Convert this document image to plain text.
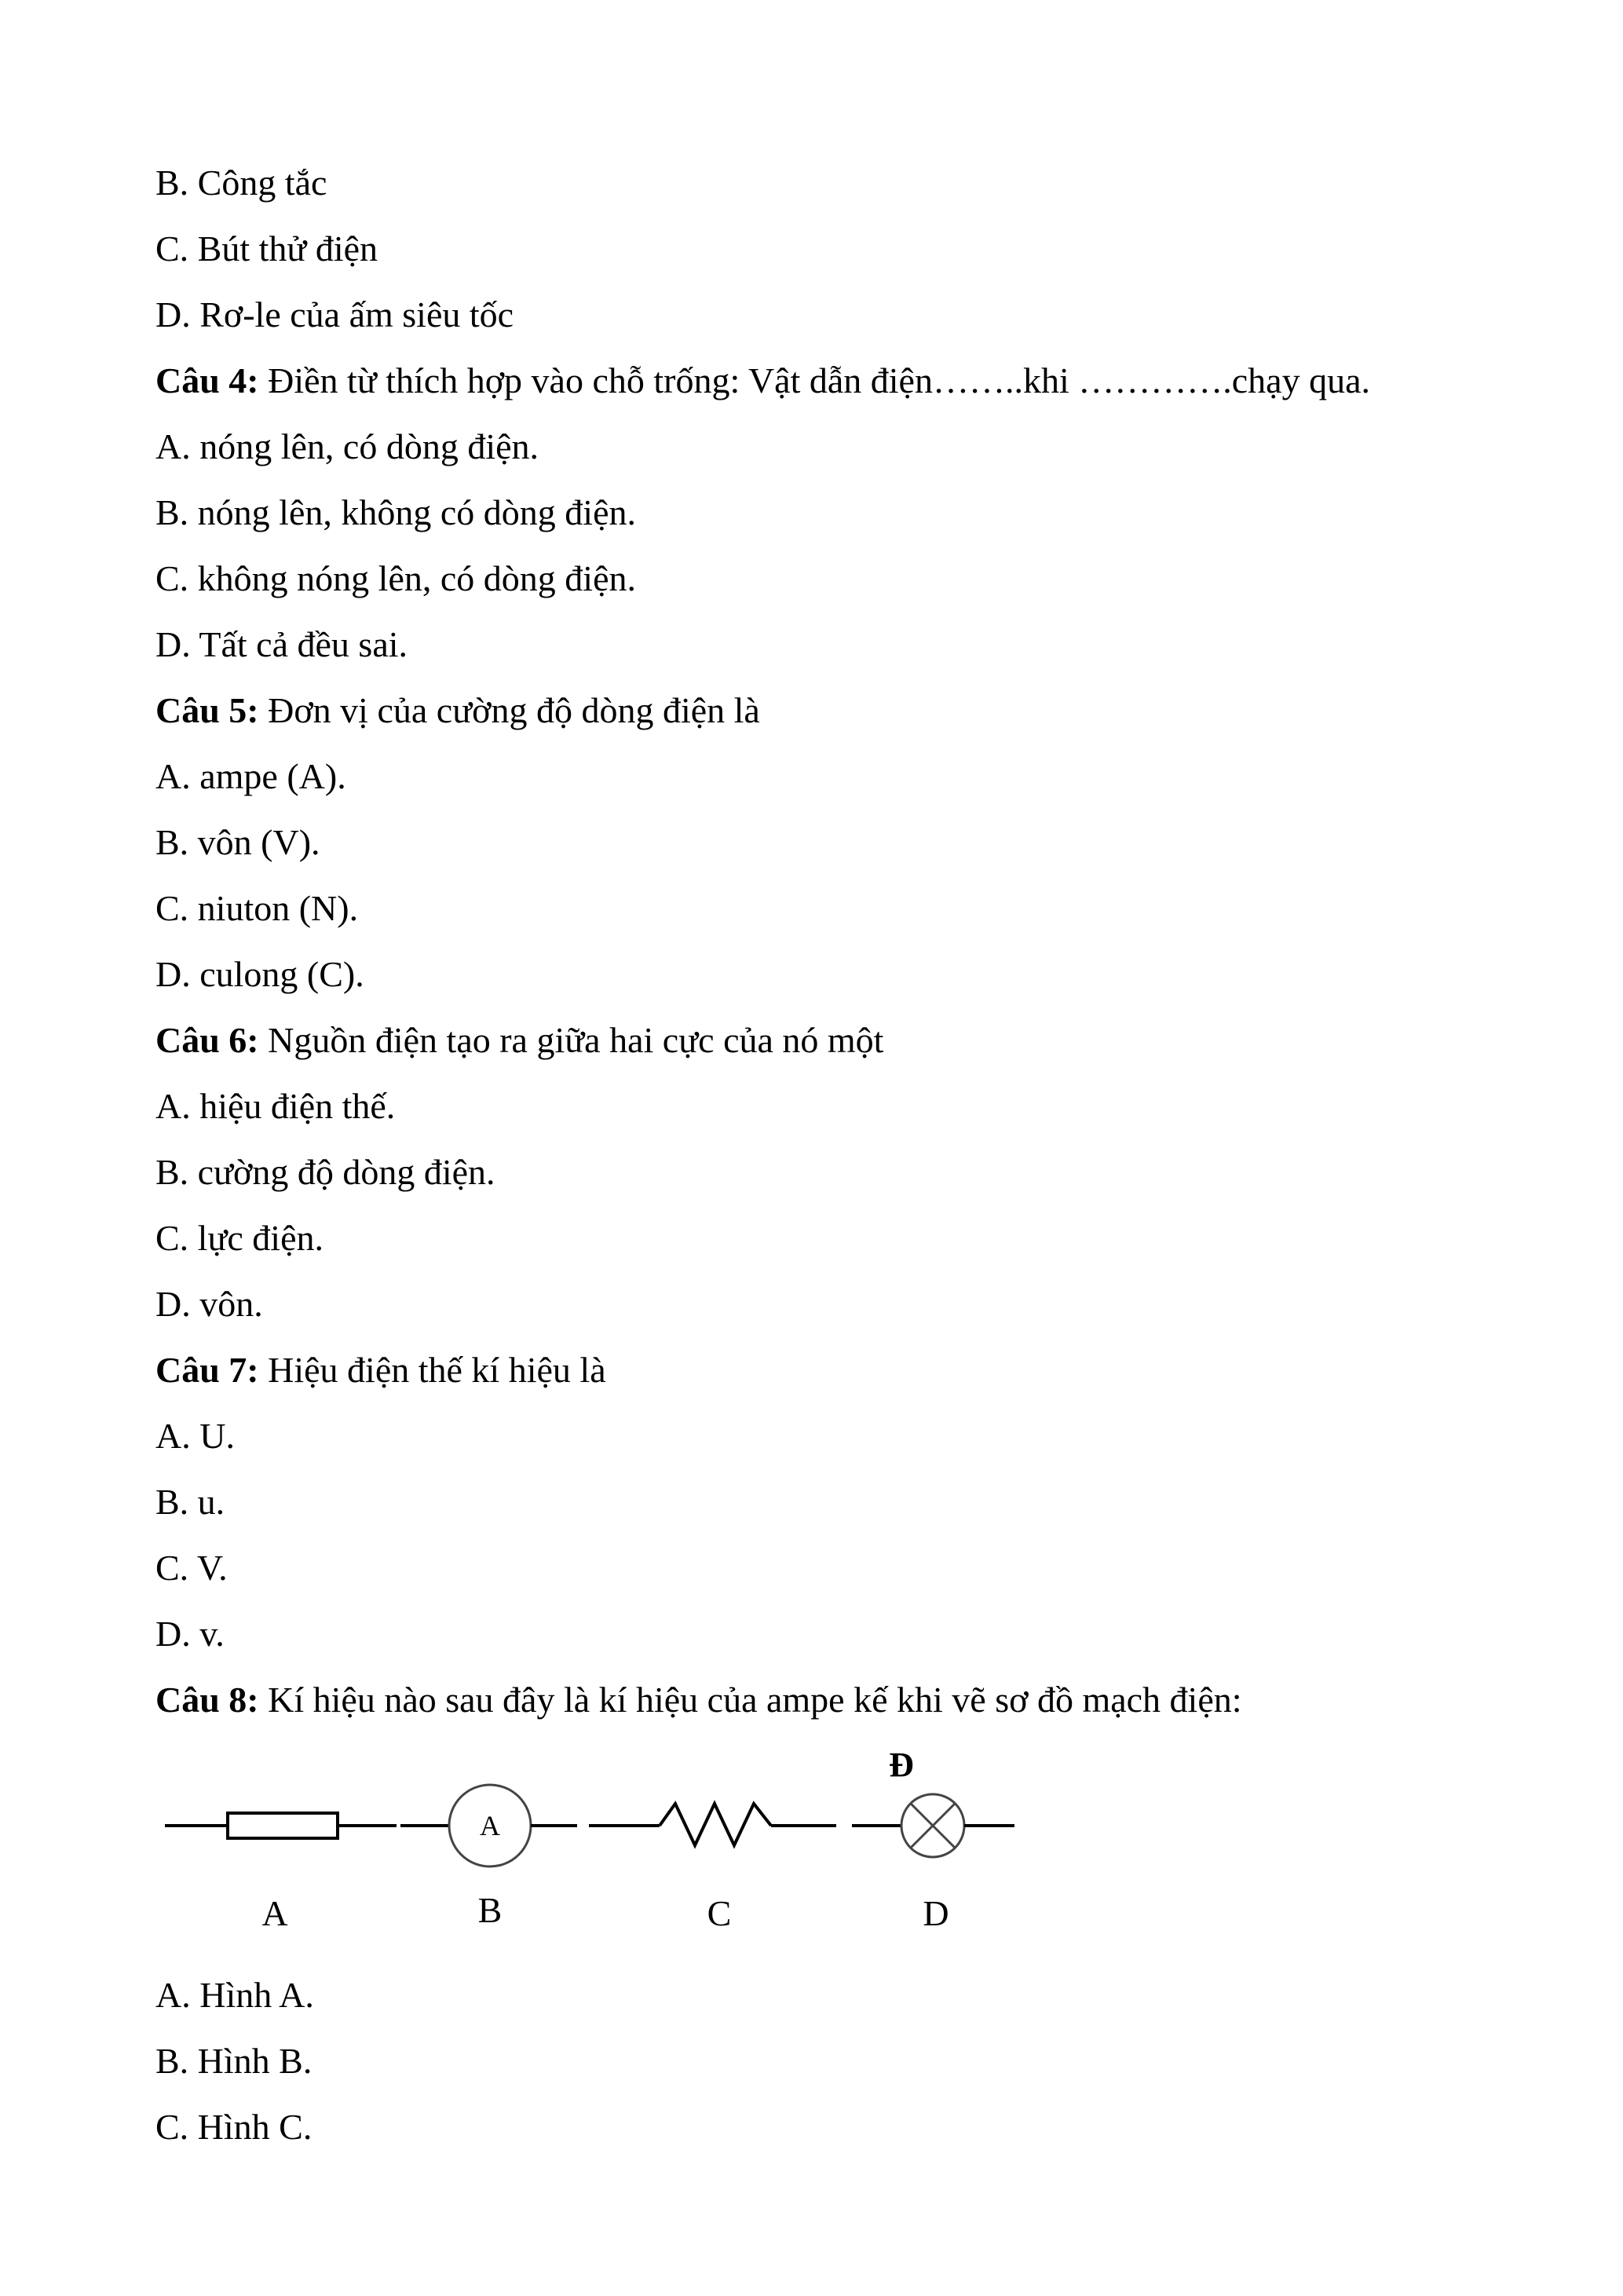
B. Công tắc
C. Bút thử điện
D. Rơ-le của ấm siêu tốc
Câu 4: Điền từ thích hợp vào chỗ trống: Vật dẫn điện……..khi ………….chạy qua.
A. nóng lên, có dòng điện.
B. nóng lên, không có dòng điện.
C. không nóng lên, có dòng điện.
D. Tất cả đều sai.
Câu 5: Đơn vị của cường độ dòng điện là
A. ampe (A).
B. vôn (V).
C. niuton (N).
D. culong (C).
Câu 6: Nguồn điện tạo ra giữa hai cực của nó một
A. hiệu điện thế.
B. cường độ dòng điện.
C. lực điện.
D. vôn.
Câu 7: Hiệu điện thế kí hiệu là
A. U.
B. u.
C. V.
D. v.
Câu 8: Kí hiệu nào sau đây là kí hiệu của ampe kế khi vẽ sơ đồ mạch điện:
A
Đ
A	B	C	D
A. Hình A.
B. Hình B.
C. Hình C.
